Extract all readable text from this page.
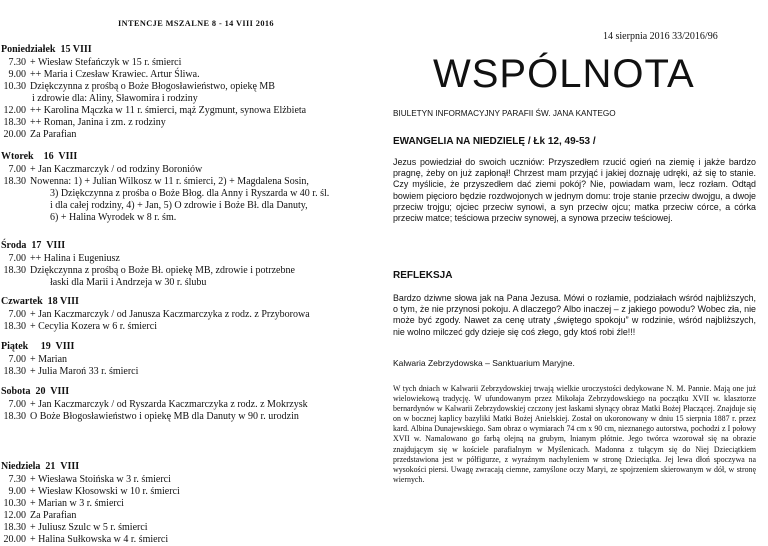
INTENCJE MSZALNE 8 - 14 VIII 2016
Poniedziałek  15 VIII
7.30 + Wiesław Stefańczyk w 15 r. śmierci
9.00 ++ Maria i Czesław Krawiec. Artur Śliwa.
10.30 Dziękczynna z prośbą o Boże Błogosławieństwo, opiekę MB
i zdrowie dla: Aliny, Sławomira i rodziny
12.00 ++ Karolina Mączka w 11 r. śmierci, mąż Zygmunt, synowa Elżbieta
18.30 ++ Roman, Janina i zm. z rodziny
20.00 Za Parafian
Wtorek    16  VIII
7.00 + Jan Kaczmarczyk / od rodziny Boroniów
18.30 Nowenna: 1) + Julian Wilkosz w 11 r. śmierci, 2) + Magdalena Sosin,
3) Dziękczynna z prośba o Boże Błog. dla Anny i Ryszarda w 40 r. śl.
i dla całej rodziny, 4) + Jan, 5) O zdrowie i Boże Bł. dla Danuty,
6) + Halina Wyrodek w 8 r. śm.
Środa  17  VIII
7.00 ++ Halina i Eugeniusz
18.30 Dziękczynna z prośbą o Boże Bł. opiekę MB, zdrowie i potrzebne
łaski dla Marii i Andrzeja w 30 r. ślubu
Czwartek  18 VIII
7.00 + Jan Kaczmarczyk / od Janusza Kaczmarczyka z rodz. z Przyborowa
18.30 + Cecylia Kozera w 6 r. śmierci
Piątek     19  VIII
7.00 + Marian
18.30 + Julia Maroń 33 r. śmierci
Sobota  20  VIII
7.00 + Jan Kaczmarczyk / od Ryszarda Kaczmarczyka z rodz. z Mokrzysk
18.30 O Boże Błogosławieństwo i opiekę MB dla Danuty w 90 r. urodzin
Niedziela  21  VIII
7.30 + Wiesława Stoińska w 3 r. śmierci
9.00 + Wiesław Kłosowski w 10 r. śmierci
10.30 + Marian w 3 r. śmierci
12.00 Za Parafian
18.30 + Juliusz Szulc w 5 r. śmierci
20.00 + Halina Sułkowska w 4 r. śmierci
14 sierpnia 2016 33/2016/96
WSPÓLNOTA
BIULETYN INFORMACYJNY PARAFII ŚW. JANA KANTEGO
EWANGELIA NA NIEDZIELĘ / Łk 12, 49-53 /
Jezus powiedział do swoich uczniów: Przyszedłem rzucić ogień na ziemię i jakże bardzo pragnę, żeby on już zapłonął! Chrzest mam przyjąć i jakiej doznaję udręki, aż się to stanie. Czy myślicie, że przyszedłem dać ziemi pokój? Nie, powiadam wam, lecz rozłam. Odtąd bowiem pięcioro będzie rozdwojonych w jednym domu: troje stanie przeciw dwojgu, a dwoje przeciw trojgu; ojciec przeciw synowi, a syn przeciw ojcu; matka przeciw córce, a córka przeciw matce; teściowa przeciw synowej, a synowa przeciw teściowej.
REFLEKSJA
Bardzo dziwne słowa jak na Pana Jezusa. Mówi o rozłamie, podziałach wśród najbliższych, o tym, że nie przynosi pokoju. A dlaczego? Albo inaczej – z jakiego powodu? Wobec zła, nie może być zgody. Nawet za cenę utraty „świętego spokoju” w rodzinie, wśród najbliższych, nie wolno milczeć gdy dzieje się coś złego, gdy ktoś robi źle!!!
Kalwaria Zebrzydowska – Sanktuarium Maryjne.
W tych dniach w Kalwarii Zebrzydowskiej trwają wielkie uroczystości dedykowane N. M. Pannie. Mają one już wielowiekową tradycję. W ufundowanym przez Mikołaja Zebrzydowskiego na początku XVII w. klasztorze bernardynów w Kalwarii Zebrzydowskiej czczony jest łaskami słynący obraz Matki Bożej Płaczącej. Znajduje się on w bocznej kaplicy bazyliki Matki Bożej Anielskiej. Został on ukoronowany w dniu 15 sierpnia 1887 r. przez kard. Albina Dunajewskiego. Sam obraz o wymiarach 74 cm x 90 cm, nieznanego autorstwa, pochodzi z I połowy XVII w. Namalowano go farbą olejną na grubym, lnianym płótnie. Jego twórca wzorował się na obrazie znajdującym się w kościele parafialnym w Myślenicach. Madonna z tułącym się do Niej Dzieciątkiem przedstawiona jest w półfigurze, z wyraźnym nachyleniem w stronę Dzieciątka. Jej lewa dłoń spoczywa na wysokości piersi. Uwagę zwracają ciemne, zamyślone oczy Maryi, ze spojrzeniem skierowanym w dół, w stronę wiernych.
